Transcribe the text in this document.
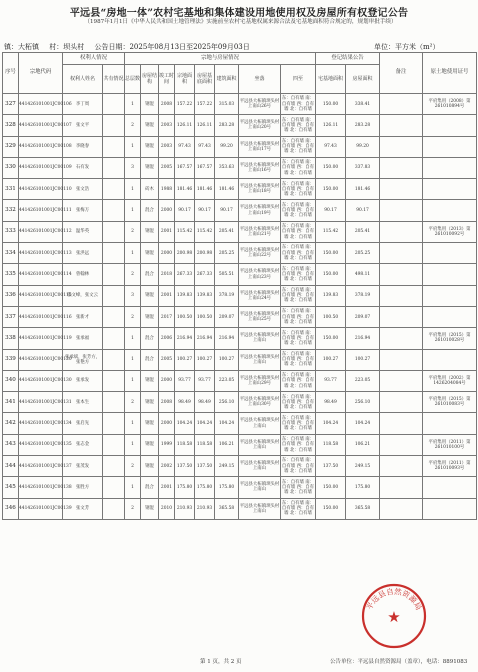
平远县“房地一体”农村宅基地和集体建设用地使用权及房屋所有权登记公告
（1987年1月1日《中华人民共和国土地管理法》实施前至农村宅基地权属来源合法及宅基地面积符合规定的，规划审批手续）
镇：大柘镇 村：坝头村 公告日期：2025年08月13日至2025年09月03日	单位：平方米（m²）
序号	宗地代码	权利人情况		宗地与房屋情况								登记结果公告		备注	原土地使用证号
		权利人姓名	共有情况	总层数	房屋结构	竣工时间	宗地面积	房屋基底面积	建筑面积	坐落	四至	宅基地面积	房屋面积		
327	441426101001JC00106	李丁周		1	钢混	2008	157.22	157.22	315.03	平远县大柘镇坝头村上南山26号	东：自有墙 南：自有墙 西：自有墙 北：自有墙	150.00	338.41		平府集用（2008）第261010894号
328	441426101001JC00107	张文平		2	钢混	2003	126.11	126.11	283.28	平远县大柘镇坝头村上南山20号	东：自有墙 南：自有墙 西：自有墙 北：自有墙	126.11	283.28		
329	441426101001JC00108	李晓春		1	钢混	2003	97.43	97.43	99.20	平远县大柘镇坝头村上南山17号	东：自有墙 南：自有墙 西：自有墙 北：自有墙	97.43	99.20		
330	441426101001JC00109	石有发		3	钢混	2005	167.57	167.57	353.63	平远县大柘镇坝头村上南山16号	东：自有墙 南：自有墙 西：自有墙 北：自有墙	150.00	337.83		
331	441426101001JC00110	张文浩		1	砖木	1988	181.46	181.46	181.46	平远县大柘镇坝头村上南山18号	东：自有墙 南：自有墙 西：自有墙 北：自有墙	150.00	181.46		
332	441426101001JC00111	张梅万		1	混合	2000	90.17	90.17	90.17	平远县大柘镇坝头村上南山19号	东：自有墙 南：自有墙 西：自有墙 北：自有墙	90.17	90.17		
333	441426101001JC00112	温华英		2	钢混	2001	115.42	115.42	205.41	平远县大柘镇坝头村上南山21号	东：自有墙 南：自有墙 西：自有墙 北：自有墙	115.42	205.41		平府集用（2013）第261010092号
334	441426101001JC00113	张洪远		1	钢混	2000	200.98	200.98	205.25	平远县大柘镇坝头村上南山22号	东：自有墙 南：自有墙 西：自有墙 北：自有墙	150.00	205.25		
335	441426101001JC00114	曾翰林		2	混合	2018	267.33	267.33	505.51	平远县大柘镇坝头村上南山23号	东：自有墙 南：自有墙 西：自有墙 北：自有墙	150.00	498.11		
336	441426101001JC00115	张文峰，张文云		3	钢混	2001	139.83	139.83	378.19	平远县大柘镇坝头村上南山24号	东：自有墙 南：自有墙 西：自有墙 北：自有墙	139.83	378.19		
337	441426101001JC00116	张新才		2	钢混	2017	100.50	100.50	209.07	平远县大柘镇坝头村上南山25号	东：自有墙 南：自有墙 西：自有墙 北：自有墙	100.50	209.07		
338	441426101001JC00119	张承福		1	混合	2006	216.94	216.94	216.94	平远县大柘镇坝头村上南山	东：自有墙 南：自有墙 西：自有墙 北：自有墙	150.00	216.94		平府集用（2015）第261010028号
339	441426101001JC00120	张承斌，张芳方，张艳方		1	混合	2005	100.27	100.27	100.27	平远县大柘镇坝头村上南山	东：自有墙 南：自有墙 西：自有墙 北：自有墙	100.27	100.27		
340	441426101001JC00130	张承发		1	钢混	2000	93.77	93.77	223.05	平远县大柘镇坝头村上南山29号	东：自有墙 南：自有墙 西：自有墙 北：自有墙	93.77	223.05		平府集用（2002）第1426204084号
341	441426101001JC00131	张本生		2	钢混	2008	98.49	98.49	256.10	平远县大柘镇坝头村上南山30号	东：自有墙 南：自有墙 西：自有墙 北：自有墙	98.49	256.10		平府集用（2015）第261010083号
342	441426101001JC00134	张启先		1	钢混	2000	104.24	104.24	104.24	平远县大柘镇坝头村上南山	东：自有墙 南：自有墙 西：自有墙 北：自有墙	104.24	104.24		
343	441426101001JC00135	张志金		1	钢混	1999	118.58	118.58	106.21	平远县大柘镇坝头村上南山	东：自有墙 南：自有墙 西：自有墙 北：自有墙	118.58	106.21		平府集用（2011）第261010100号
344	441426101001JC00137	张茂发		2	钢混	2002	137.50	137.50	249.15	平远县大柘镇坝头村上南山	东：自有墙 南：自有墙 西：自有墙 北：自有墙	137.50	249.15		平府集用（2011）第261010093号
345	441426101001JC00138	张胜方		1	混合	2001	175.80	175.80	175.80	平远县大柘镇坝头村上南山	东：自有墙 南：自有墙 西：自有墙 北：自有墙	150.00	175.80		
346	441426101001JC00139	张文芳		2	钢混	2010	210.93	210.93	365.58	平远县大柘镇坝头村上南山	东：自有墙 南：自有墙 西：自有墙 北：自有墙	150.00	365.58		
平远县自然资源局
★
第 1 页，共 2 页	公告单位：平远县自然资源局（盖章），电话：8891083
